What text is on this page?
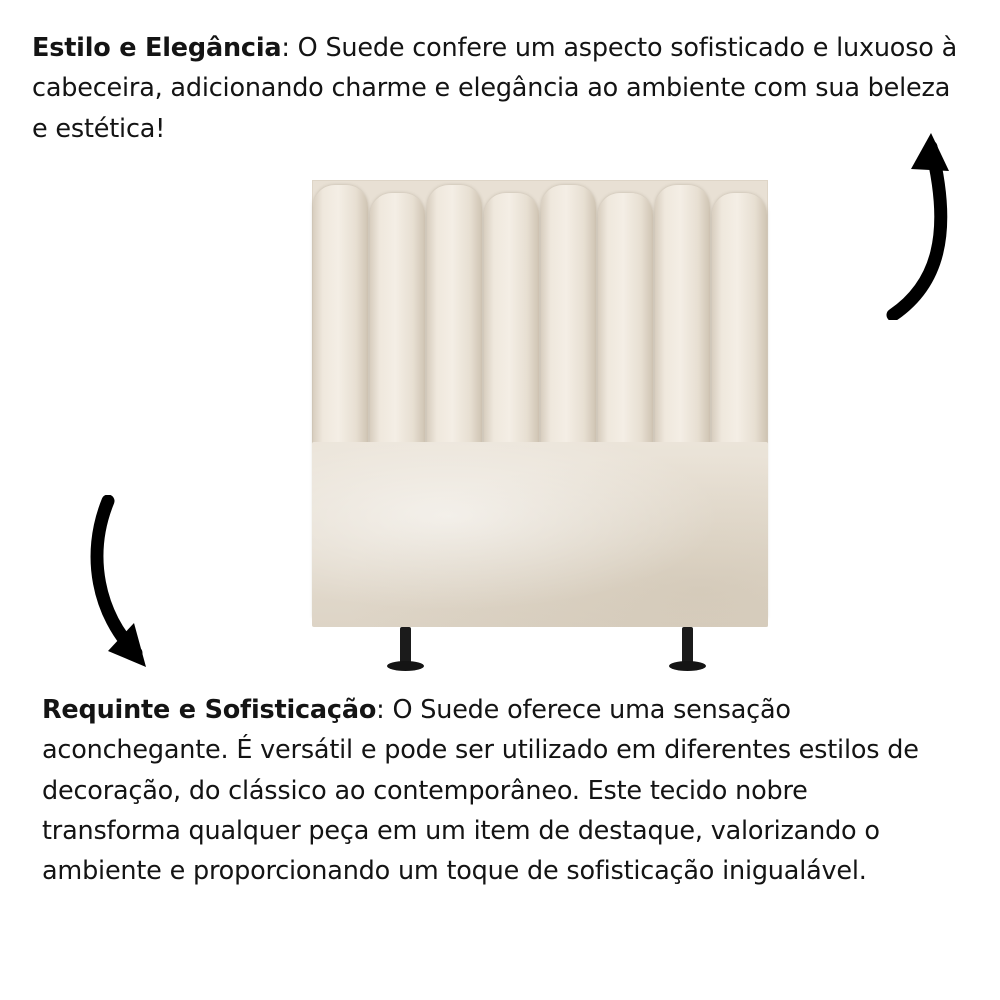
Estilo e Elegância: O Suede confere um aspecto sofisticado e luxuoso à cabeceira, adicionando charme e elegância ao ambiente com sua beleza e estética!
Requinte e Sofisticação: O Suede oferece uma sensação aconchegante. É versátil e pode ser utilizado em diferentes estilos de decoração, do clássico ao contemporâneo. Este tecido nobre transforma qualquer peça em um item de destaque, valorizando o ambiente e proporcionando um toque de sofisticação inigualável.
